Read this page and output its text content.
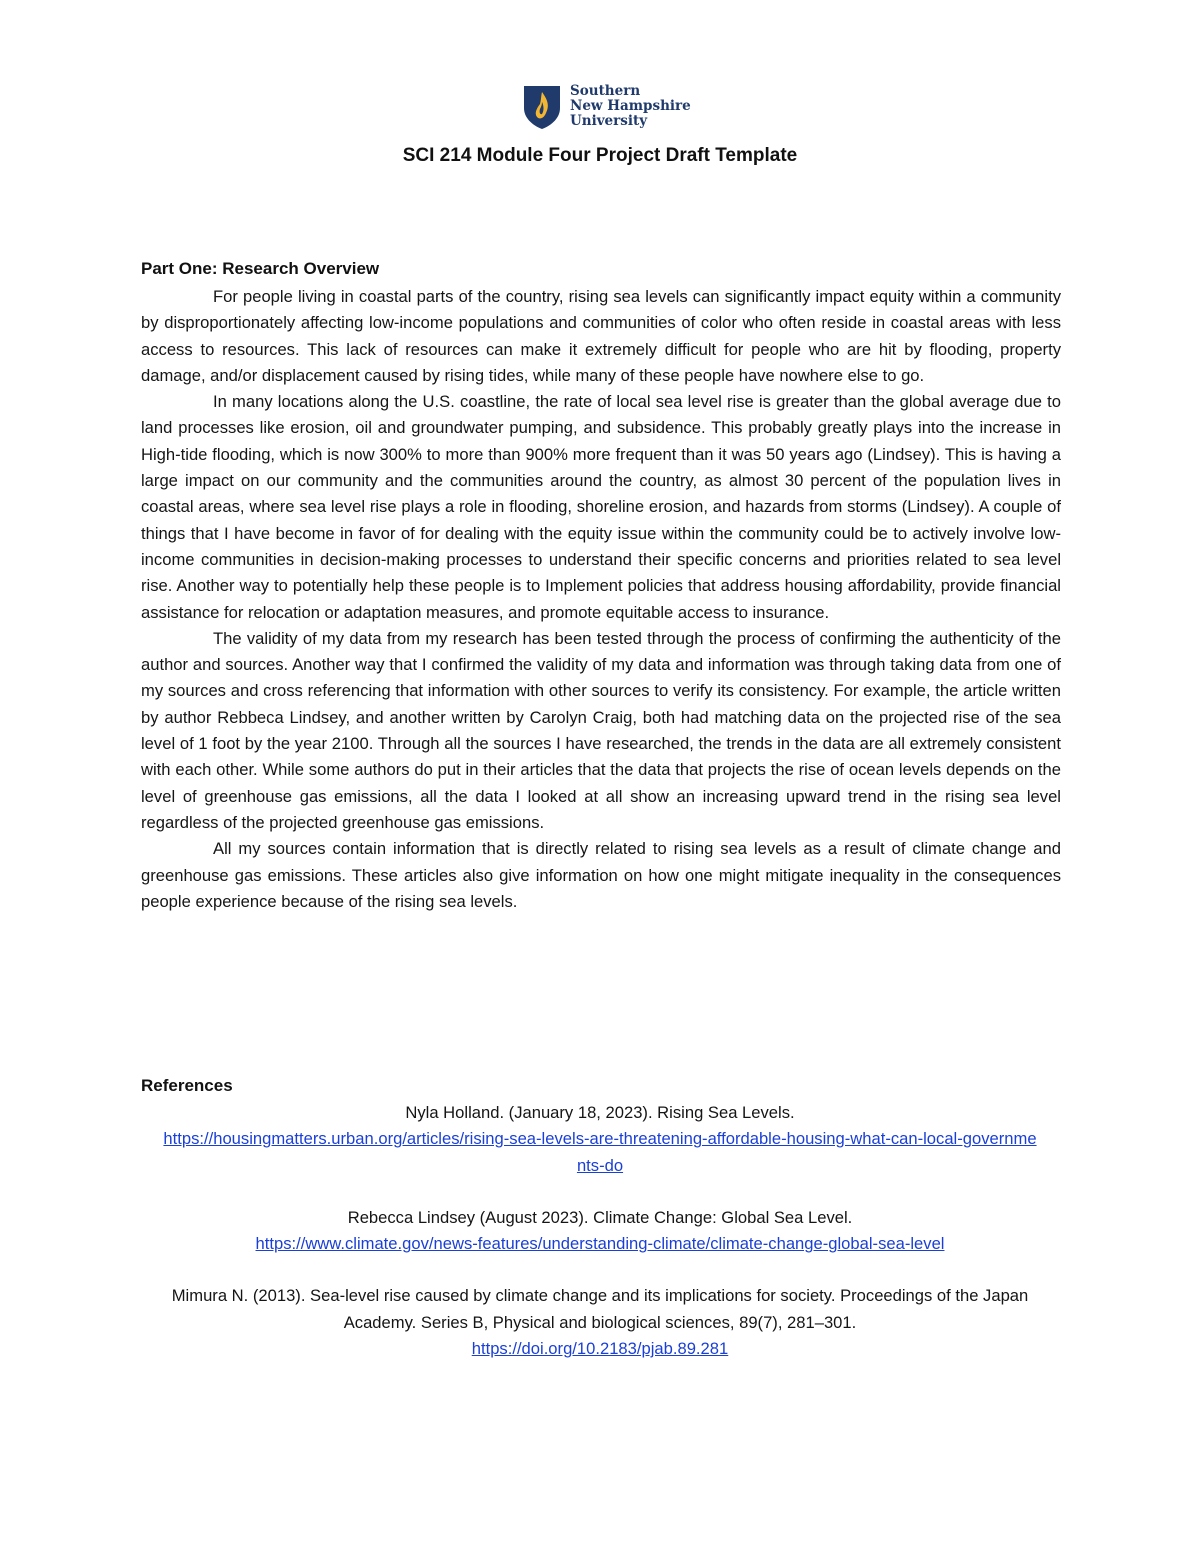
Southern
New Hampshire
University
SCI 214 Module Four Project Draft Template
Part One: Research Overview

For people living in coastal parts of the country, rising sea levels can significantly impact equity within a community by disproportionately affecting low-income populations and communities of color who often reside in coastal areas with less access to resources. This lack of resources can make it extremely difficult for people who are hit by flooding, property damage, and/or displacement caused by rising tides, while many of these people have nowhere else to go.

In many locations along the U.S. coastline, the rate of local sea level rise is greater than the global average due to land processes like erosion, oil and groundwater pumping, and subsidence. This probably greatly plays into the increase in High-tide flooding, which is now 300% to more than 900% more frequent than it was 50 years ago (Lindsey). This is having a large impact on our community and the communities around the country, as almost 30 percent of the population lives in coastal areas, where sea level rise plays a role in flooding, shoreline erosion, and hazards from storms (Lindsey). A couple of things that I have become in favor of for dealing with the equity issue within the community could be to actively involve low-income communities in decision-making processes to understand their specific concerns and priorities related to sea level rise. Another way to potentially help these people is to Implement policies that address housing affordability, provide financial assistance for relocation or adaptation measures, and promote equitable access to insurance.

The validity of my data from my research has been tested through the process of confirming the authenticity of the author and sources. Another way that I confirmed the validity of my data and information was through taking data from one of my sources and cross referencing that information with other sources to verify its consistency. For example, the article written by author Rebbeca Lindsey, and another written by Carolyn Craig, both had matching data on the projected rise of the sea level of 1 foot by the year 2100. Through all the sources I have researched, the trends in the data are all extremely consistent with each other. While some authors do put in their articles that the data that projects the rise of ocean levels depends on the level of greenhouse gas emissions, all the data I looked at all show an increasing upward trend in the rising sea level regardless of the projected greenhouse gas emissions.

All my sources contain information that is directly related to rising sea levels as a result of climate change and greenhouse gas emissions. These articles also give information on how one might mitigate inequality in the consequences people experience because of the rising sea levels.

References
Nyla Holland. (January 18, 2023). Rising Sea Levels.
https://housingmatters.urban.org/articles/rising-sea-levels-are-threatening-affordable-housing-what-can-local-governments-do
Rebecca Lindsey (August 2023). Climate Change: Global Sea Level.
https://www.climate.gov/news-features/understanding-climate/climate-change-global-sea-level
Mimura N. (2013). Sea-level rise caused by climate change and its implications for society. Proceedings of the Japan Academy. Series B, Physical and biological sciences, 89(7), 281–301.
https://doi.org/10.2183/pjab.89.281
